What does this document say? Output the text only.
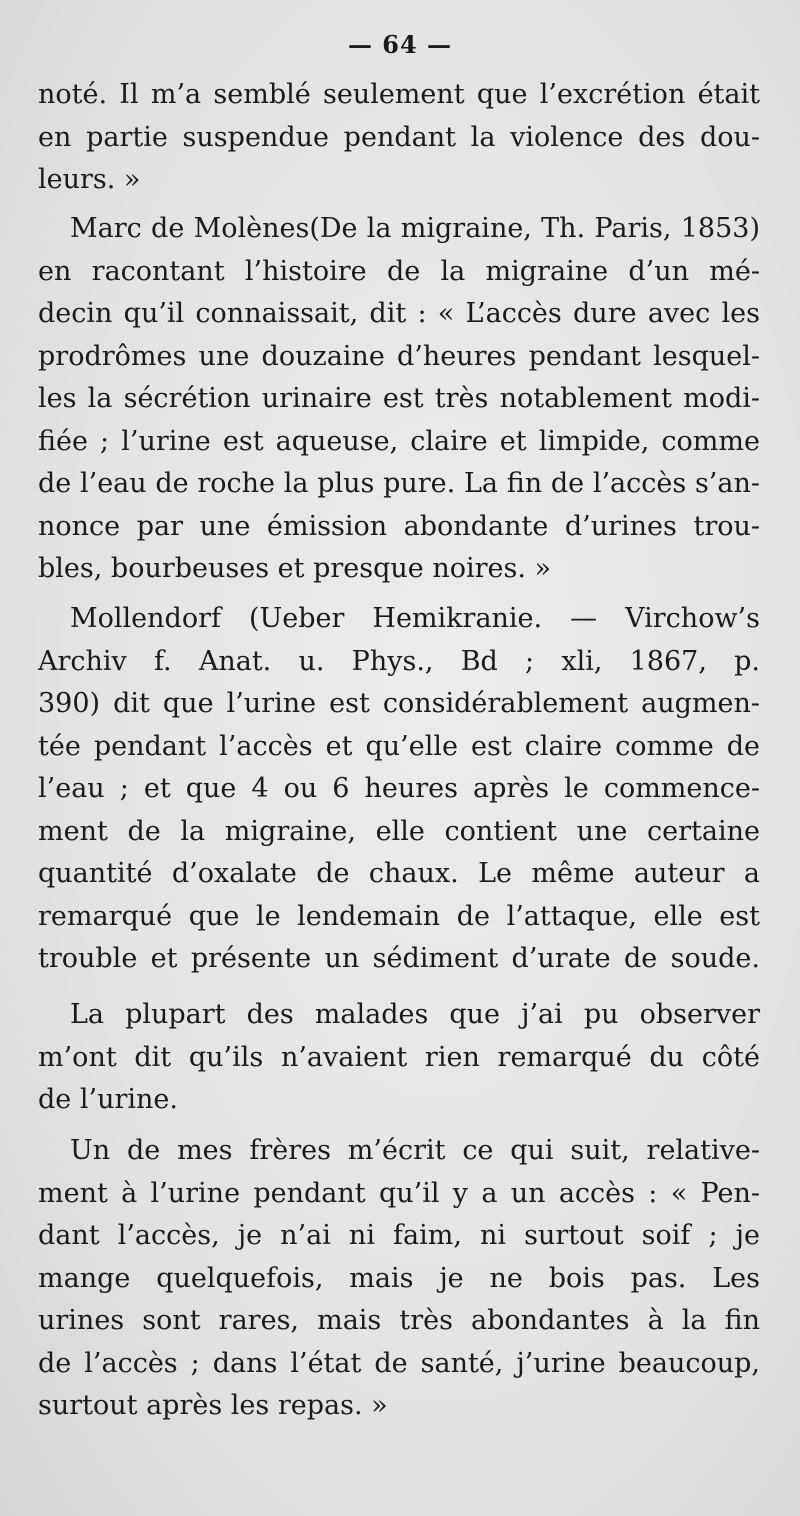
— 64 —
noté. Il m’a semblé seulement que l’excrétion était
en partie suspendue pendant la violence des dou-
leurs. »
Marc de Molènes(De la migraine, Th. Paris, 1853)
en racontant l’histoire de la migraine d’un mé-
decin qu’il connaissait, dit : « L’accès dure avec les
prodrômes une douzaine d’heures pendant lesquel-
les la sécrétion urinaire est très notablement modi-
fiée ; l’urine est aqueuse, claire et limpide, comme
de l’eau de roche la plus pure. La fin de l’accès s’an-
nonce par une émission abondante d’urines trou-
bles, bourbeuses et presque noires. »
Mollendorf (Ueber Hemikranie. — Virchow’s
Archiv f. Anat. u. Phys., Bd ; xli, 1867, p.
390) dit que l’urine est considérablement augmen-
tée pendant l’accès et qu’elle est claire comme de
l’eau ; et que 4 ou 6 heures après le commence-
ment de la migraine, elle contient une certaine
quantité d’oxalate de chaux. Le même auteur a
remarqué que le lendemain de l’attaque, elle est
trouble et présente un sédiment d’urate de soude.
La plupart des malades que j’ai pu observer
m’ont dit qu’ils n’avaient rien remarqué du côté
de l’urine.
Un de mes frères m’écrit ce qui suit, relative-
ment à l’urine pendant qu’il y a un accès : « Pen-
dant l’accès, je n’ai ni faim, ni surtout soif ; je
mange quelquefois, mais je ne bois pas. Les
urines sont rares, mais très abondantes à la fin
de l’accès ; dans l’état de santé, j’urine beaucoup,
surtout après les repas. »
